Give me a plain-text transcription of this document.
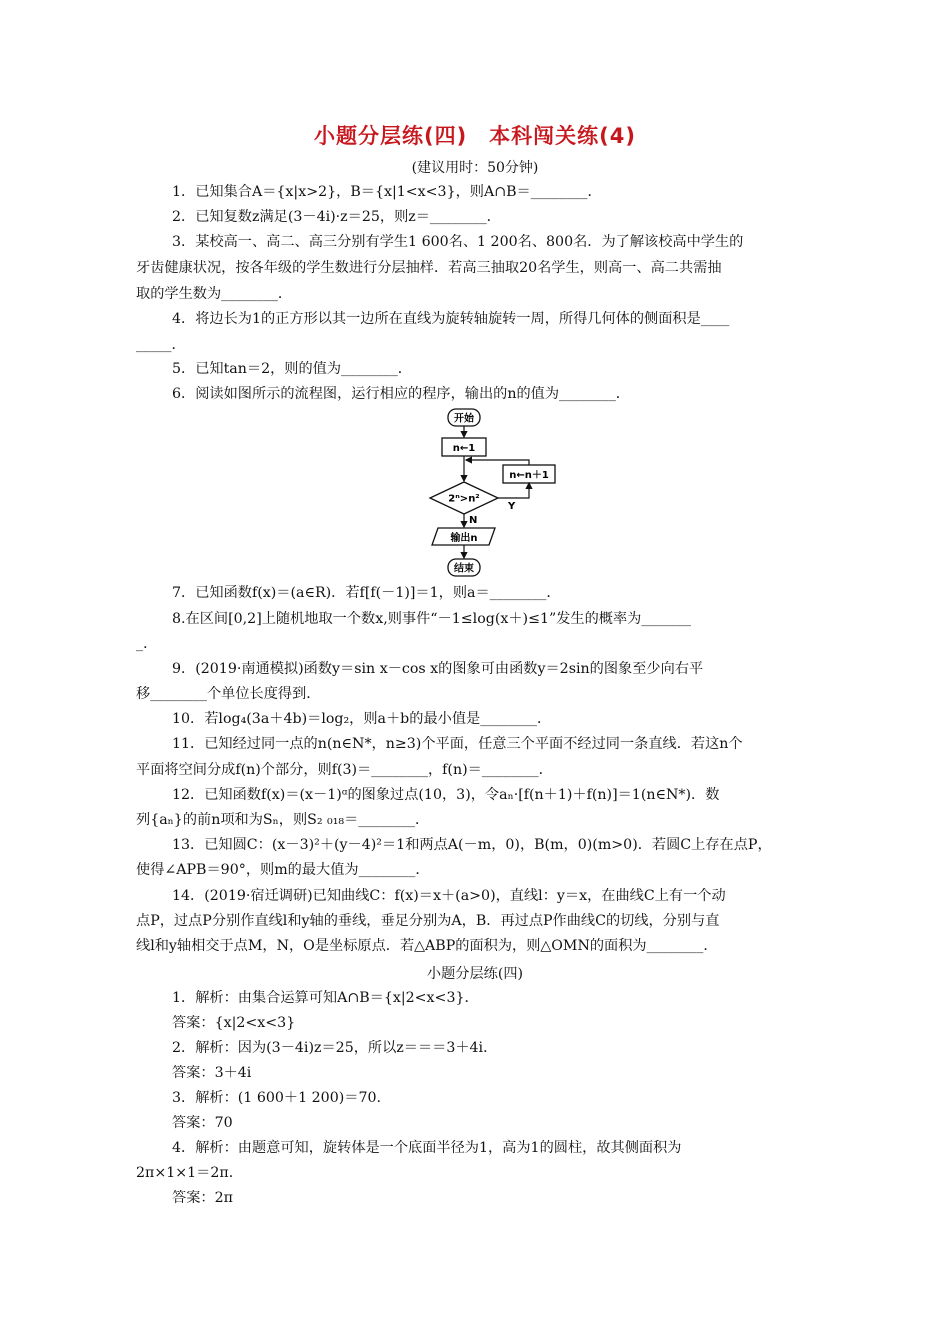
小题分层练(四)　本科闯关练(4)
(建议用时：50分钟)
1．已知集合A＝{x|x>2}，B＝{x|1<x<3}，则A∩B＝________．
2．已知复数z满足(3－4i)·z＝25，则z＝________．
3．某校高一、高二、高三分别有学生1 600名、1 200名、800名．为了解该校高中学生的
牙齿健康状况，按各年级的学生数进行分层抽样．若高三抽取20名学生，则高一、高二共需抽
取的学生数为________．
4．将边长为1的正方形以其一边所在直线为旋转轴旋转一周，所得几何体的侧面积是____
_____．
5．已知tan＝2，则的值为________．
6．阅读如图所示的流程图，运行相应的程序，输出的n的值为________．
开始
n←1
n←n＋1
2ⁿ>n²
Y
N
输出n
结束
7．已知函数f(x)＝(a∈R)．若f[f(－1)]＝1，则a＝________．
8.在区间[0,2]上随机地取一个数x,则事件“－1≤log(x＋)≤1”发生的概率为_______
_．
9．(2019·南通模拟)函数y＝sin x－cos x的图象可由函数y＝2sin的图象至少向右平
移________个单位长度得到．
10．若log₄(3a＋4b)＝log₂，则a＋b的最小值是________．
11．已知经过同一点的n(n∈N*，n≥3)个平面，任意三个平面不经过同一条直线．若这n个
平面将空间分成f(n)个部分，则f(3)＝________，f(n)＝________．
12．已知函数f(x)＝(x－1)ᵅ的图象过点(10，3)，令aₙ·[f(n＋1)＋f(n)]＝1(n∈N*)．数
列{aₙ}的前n项和为Sₙ，则S₂ ₀₁₈＝________．
13．已知圆C：(x－3)²＋(y－4)²＝1和两点A(－m，0)，B(m，0)(m>0)．若圆C上存在点P，
使得∠APB＝90°，则m的最大值为________．
14．(2019·宿迁调研)已知曲线C：f(x)＝x＋(a>0)，直线l：y＝x，在曲线C上有一个动
点P，过点P分别作直线l和y轴的垂线，垂足分别为A，B．再过点P作曲线C的切线，分别与直
线l和y轴相交于点M，N，O是坐标原点．若△ABP的面积为，则△OMN的面积为________．
小题分层练(四)
1．解析：由集合运算可知A∩B＝{x|2<x<3}．
答案：{x|2<x<3}
2．解析：因为(3－4i)z＝25，所以z＝＝＝3＋4i．
答案：3＋4i
3．解析：(1 600＋1 200)＝70.
答案：70
4．解析：由题意可知，旋转体是一个底面半径为1，高为1的圆柱，故其侧面积为
2π×1×1＝2π．
答案：2π
